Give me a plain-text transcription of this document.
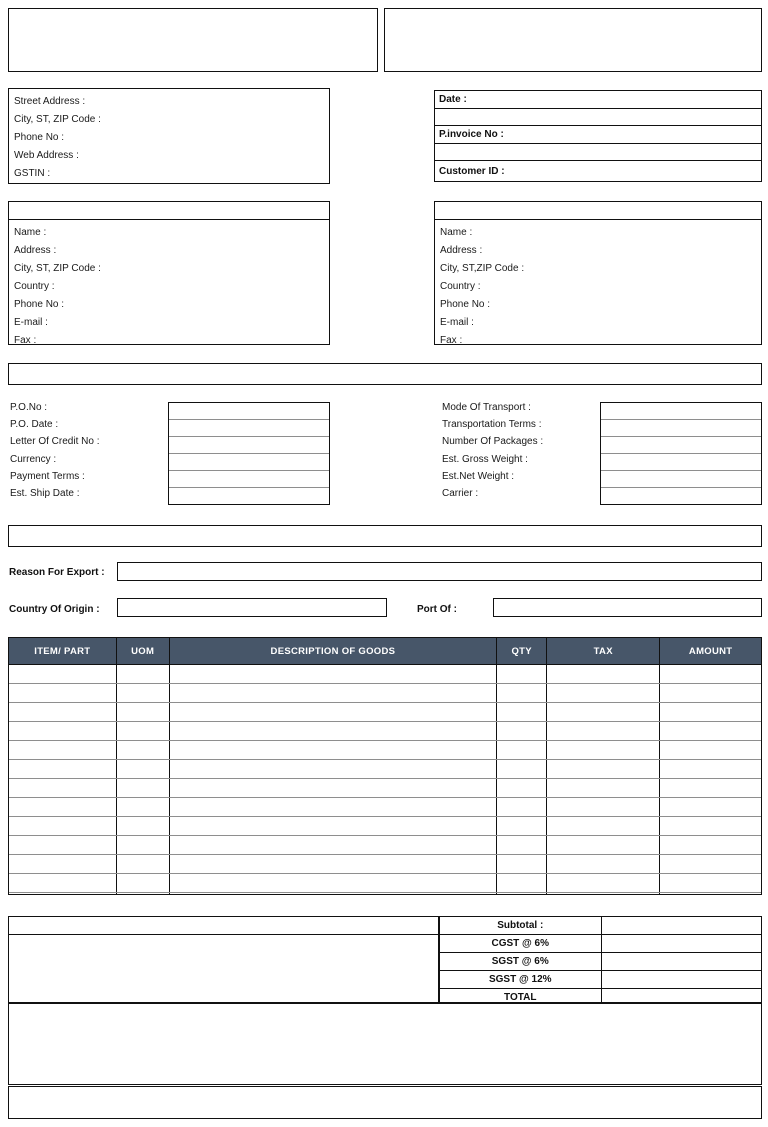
Company Name	PROFORMA INVOICE
Street Address :
City, ST, ZIP Code :
Phone No :
Web Address :
GSTIN :
Date :
P.invoice No :
Customer ID :
Bill To :
Name :
Address :
City, ST, ZIP Code :
Country :
Phone No :
E-mail :
Fax :
Ship To :
Name :
Address :
City, ST,ZIP Code :
Country :
Phone No :
E-mail :
Fax :
Shipment Information :
P.O.No :
P.O. Date :
Letter Of Credit No :
Currency :
Payment Terms :
Est. Ship Date :
Mode Of Transport :
Transportation Terms :
Number Of Packages :
Est. Gross Weight :
Est.Net Weight :
Carrier :
Additional Information For Customs :
Reason For Export :
Country Of Origin :	Port Of :
ITEM/ PART	UOM	DESCRIPTION OF GOODS	QTY	TAX	AMOUNT

Special Note & Comment :	Subtotal :	
CGST @ 6%	
SGST @ 6%	
SGST @ 12%	
TOTAL	
Thanks For Your Business !
